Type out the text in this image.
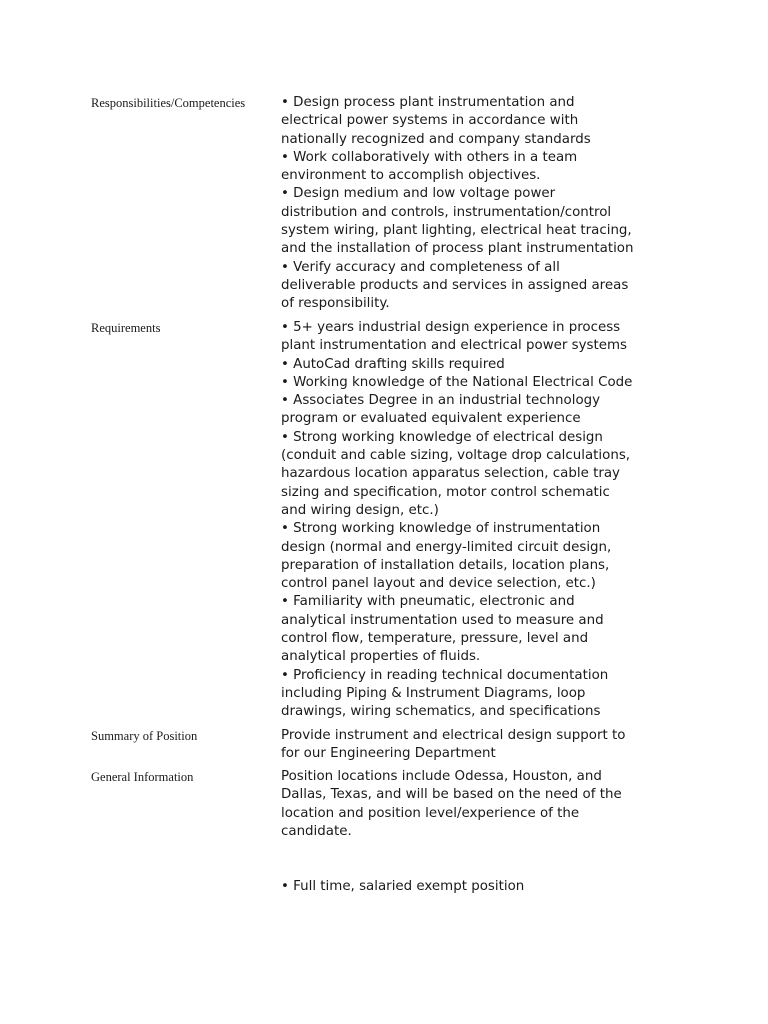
Responsibilities/Competencies	• Design process plant instrumentation and
electrical power systems in accordance with
nationally recognized and company standards
• Work collaboratively with others in a team
environment to accomplish objectives.
• Design medium and low voltage power
distribution and controls, instrumentation/control
system wiring, plant lighting, electrical heat tracing,
and the installation of process plant instrumentation
• Verify accuracy and completeness of all
deliverable products and services in assigned areas
of responsibility.
Requirements	• 5+ years industrial design experience in process
plant instrumentation and electrical power systems
• AutoCad drafting skills required
• Working knowledge of the National Electrical Code
• Associates Degree in an industrial technology
program or evaluated equivalent experience
• Strong working knowledge of electrical design
(conduit and cable sizing, voltage drop calculations,
hazardous location apparatus selection, cable tray
sizing and specification, motor control schematic
and wiring design, etc.)
• Strong working knowledge of instrumentation
design (normal and energy-limited circuit design,
preparation of installation details, location plans,
control panel layout and device selection, etc.)
• Familiarity with pneumatic, electronic and
analytical instrumentation used to measure and
control flow, temperature, pressure, level and
analytical properties of fluids.
• Proficiency in reading technical documentation
including Piping & Instrument Diagrams, loop
drawings, wiring schematics, and specifications
Summary of Position	Provide instrument and electrical design support to
for our Engineering Department
General Information	Position locations include Odessa, Houston, and
Dallas, Texas, and will be based on the need of the
location and position level/experience of the
candidate.
• Full time, salaried exempt position
